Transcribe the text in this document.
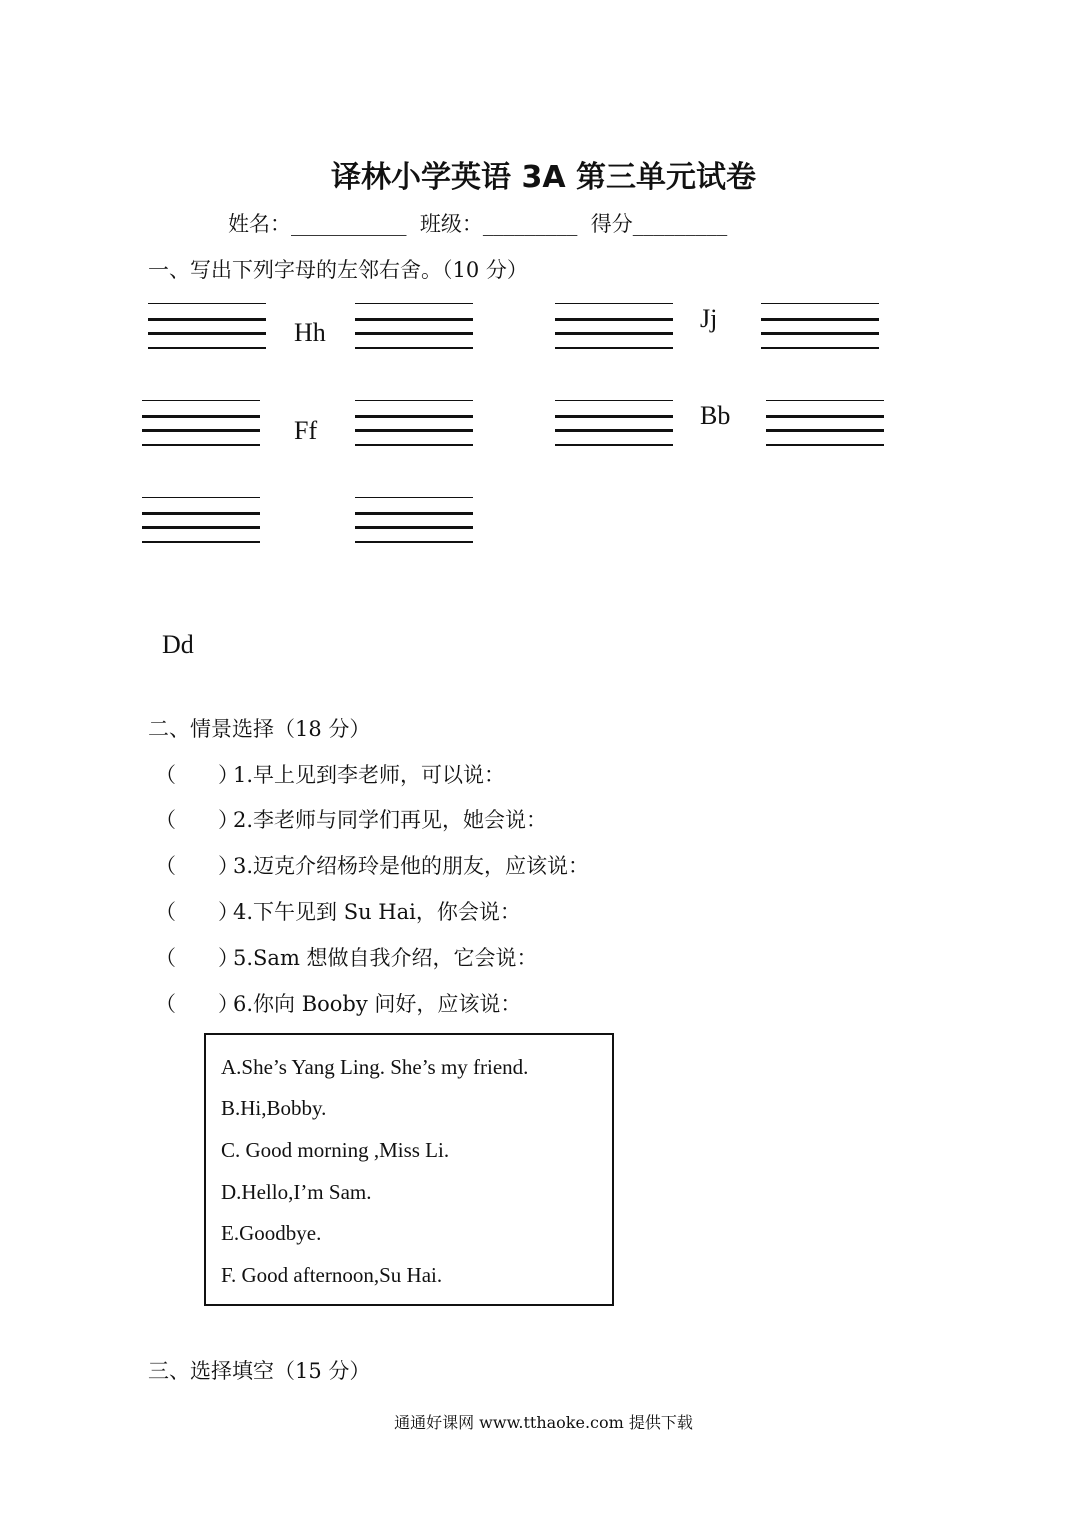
译林小学英语 3A 第三单元试卷
姓名：___________ 班级：_________ 得分_________
一、写出下列字母的左邻右舍。（10 分）
Hh	Jj
Ff
Bb
Dd
二、情景选择（18 分）
（　　）1.早上见到李老师，可以说：
（　　）2.李老师与同学们再见，她会说：
（　　）3.迈克介绍杨玲是他的朋友，应该说：
（　　）4.下午见到 Su Hai，你会说：
（　　）5.Sam 想做自我介绍，它会说：
（　　）6.你向 Booby 问好，应该说：
A.She’s Yang Ling. She’s my friend.
B.Hi,Bobby.
C. Good morning ,Miss Li.
D.Hello,I’m Sam.
E.Goodbye.
F. Good afternoon,Su Hai.
三、选择填空（15 分）
通通好课网 www.tthaoke.com 提供下载
